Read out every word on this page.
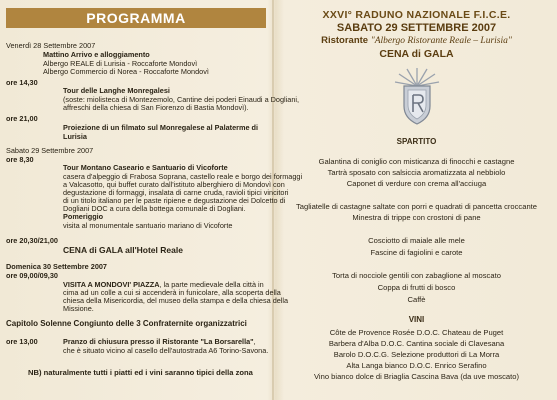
PROGRAMMA
Venerdì 28 Settembre 2007
Mattino Arrivo e alloggiamento
Albergo REALE di Lurisia - Roccaforte Mondovì
Albergo Commercio di Norea - Roccaforte Mondovì
ore 14,30
Tour delle Langhe Monregalesi
(soste: miolisteca di Montezemolo, Cantine dei poderi Einaudi a Dogliani,
affreschi della chiesa di San Fiorenzo di Bastia Mondovì).
ore 21,00
Proiezione di un filmato sul Monregalese al Palaterme di
Lurisia
Sabato 29 Settembre 2007
ore 8,30
Tour Montano Caseario e Santuario di Vicoforte
casera d'alpeggio di Frabosa Soprana, castello reale e borgo dei formaggi
a Valcasotto, qui buffet curato dall'istituto alberghiero di Mondovì con
degustazione di formaggi, insalata di carne cruda, ravioli tipici vincitori
di un titolo italiano per le paste ripiene e degustazione dei Dolcetto di
Dogliani DOC a cura della bottega comunale di Dogliani.
Pomeriggio
visita al monumentale santuario mariano di Vicoforte
ore 20,30/21,00
CENA di GALA all'Hotel Reale
Domenica 30 Settembre 2007
ore 09,00/09,30
VISITA A MONDOVI' PIAZZA, la parte medievale della città in
cima ad un colle a cui si accenderà in funicolare, alla scoperta della
chiesa della Misericordia, del museo della stampa e della chiesa della
Missione.
Capitolo Solenne Congiunto delle 3 Confraternite organizzatrici
ore 13,00	Pranzo di chiusura presso il Ristorante "La Borsarella",
che è situato vicino al casello dell'autostrada A6 Torino-Savona.
NB) naturalmente tutti i piatti ed i vini saranno tipici della zona
XXVI° RADUNO NAZIONALE F.I.C.E.
SABATO 29 SETTEMBRE 2007
Ristorante "Albergo Ristorante Reale – Lurisia"
CENA di GALA
SPARTITO
Galantina di coniglio con misticanza di finocchi e castagne
Tartrà sposato con salsiccia aromatizzata al nebbiolo
Caponet di verdure con crema all'acciuga
Tagliatelle di castagne saltate con porri e quadrati di pancetta croccante
Minestra di trippe con crostoni di pane
Cosciotto di maiale alle mele
Fascine di fagiolini e carote
Torta di nocciole gentili con zabaglione al moscato
Coppa di frutti di bosco
Caffè
VINI
Côte de Provence Rosée D.O.C. Chateau de Puget
Barbera d'Alba D.O.C. Cantina sociale di Clavesana
Barolo D.O.C.G. Selezione produttori di La Morra
Alta Langa bianco D.O.C. Enrico Serafino
Vino bianco dolce di Briaglia Cascina Bava (da uve moscato)
